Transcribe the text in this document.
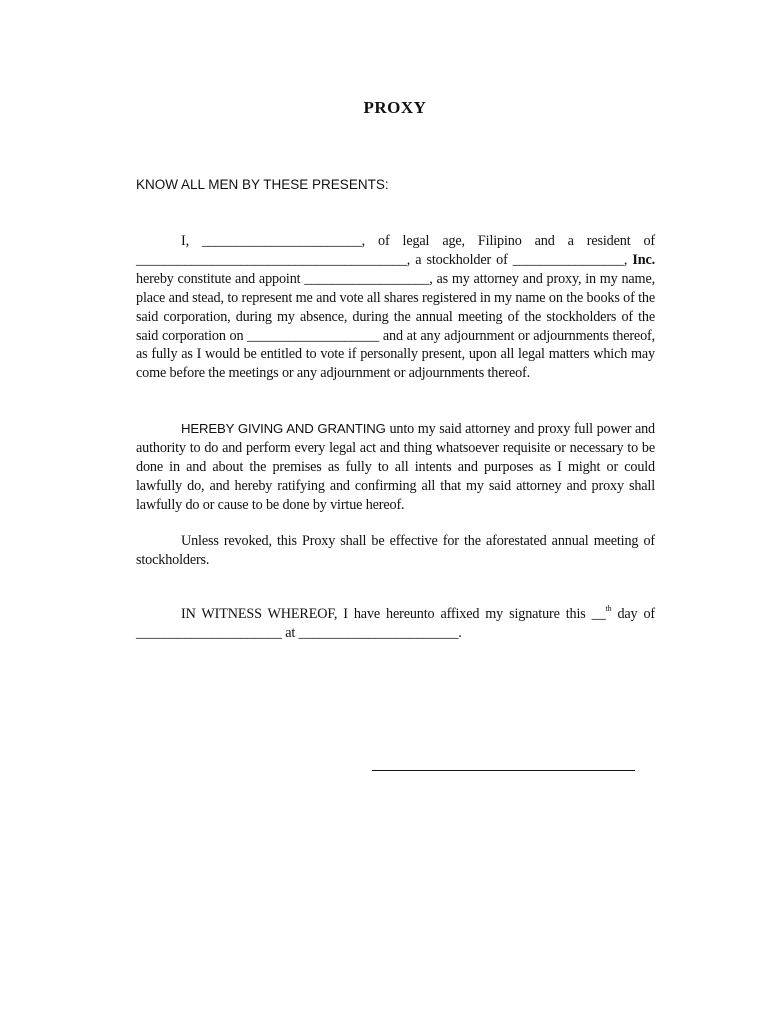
PROXY
KNOW ALL MEN BY THESE PRESENTS:
I, _______________________, of legal age, Filipino and a resident of _______________________________________, a stockholder of ________________, Inc. hereby constitute and appoint __________________, as my attorney and proxy, in my name, place and stead, to represent me and vote all shares registered in my name on the books of the said corporation, during my absence, during the annual meeting of the stockholders of the said corporation on ___________________ and at any adjournment or adjournments thereof, as fully as I would be entitled to vote if personally present, upon all legal matters which may come before the meetings or any adjournment or adjournments thereof.
HEREBY GIVING AND GRANTING unto my said attorney and proxy full power and authority to do and perform every legal act and thing whatsoever requisite or necessary to be done in and about the premises as fully to all intents and purposes as I might or could lawfully do, and hereby ratifying and confirming all that my said attorney and proxy shall lawfully do or cause to be done by virtue hereof.
Unless revoked, this Proxy shall be effective for the aforestated annual meeting of stockholders.
IN WITNESS WHEREOF, I have hereunto affixed my signature this __$^{th}$ day of _____________________ at _______________________.
